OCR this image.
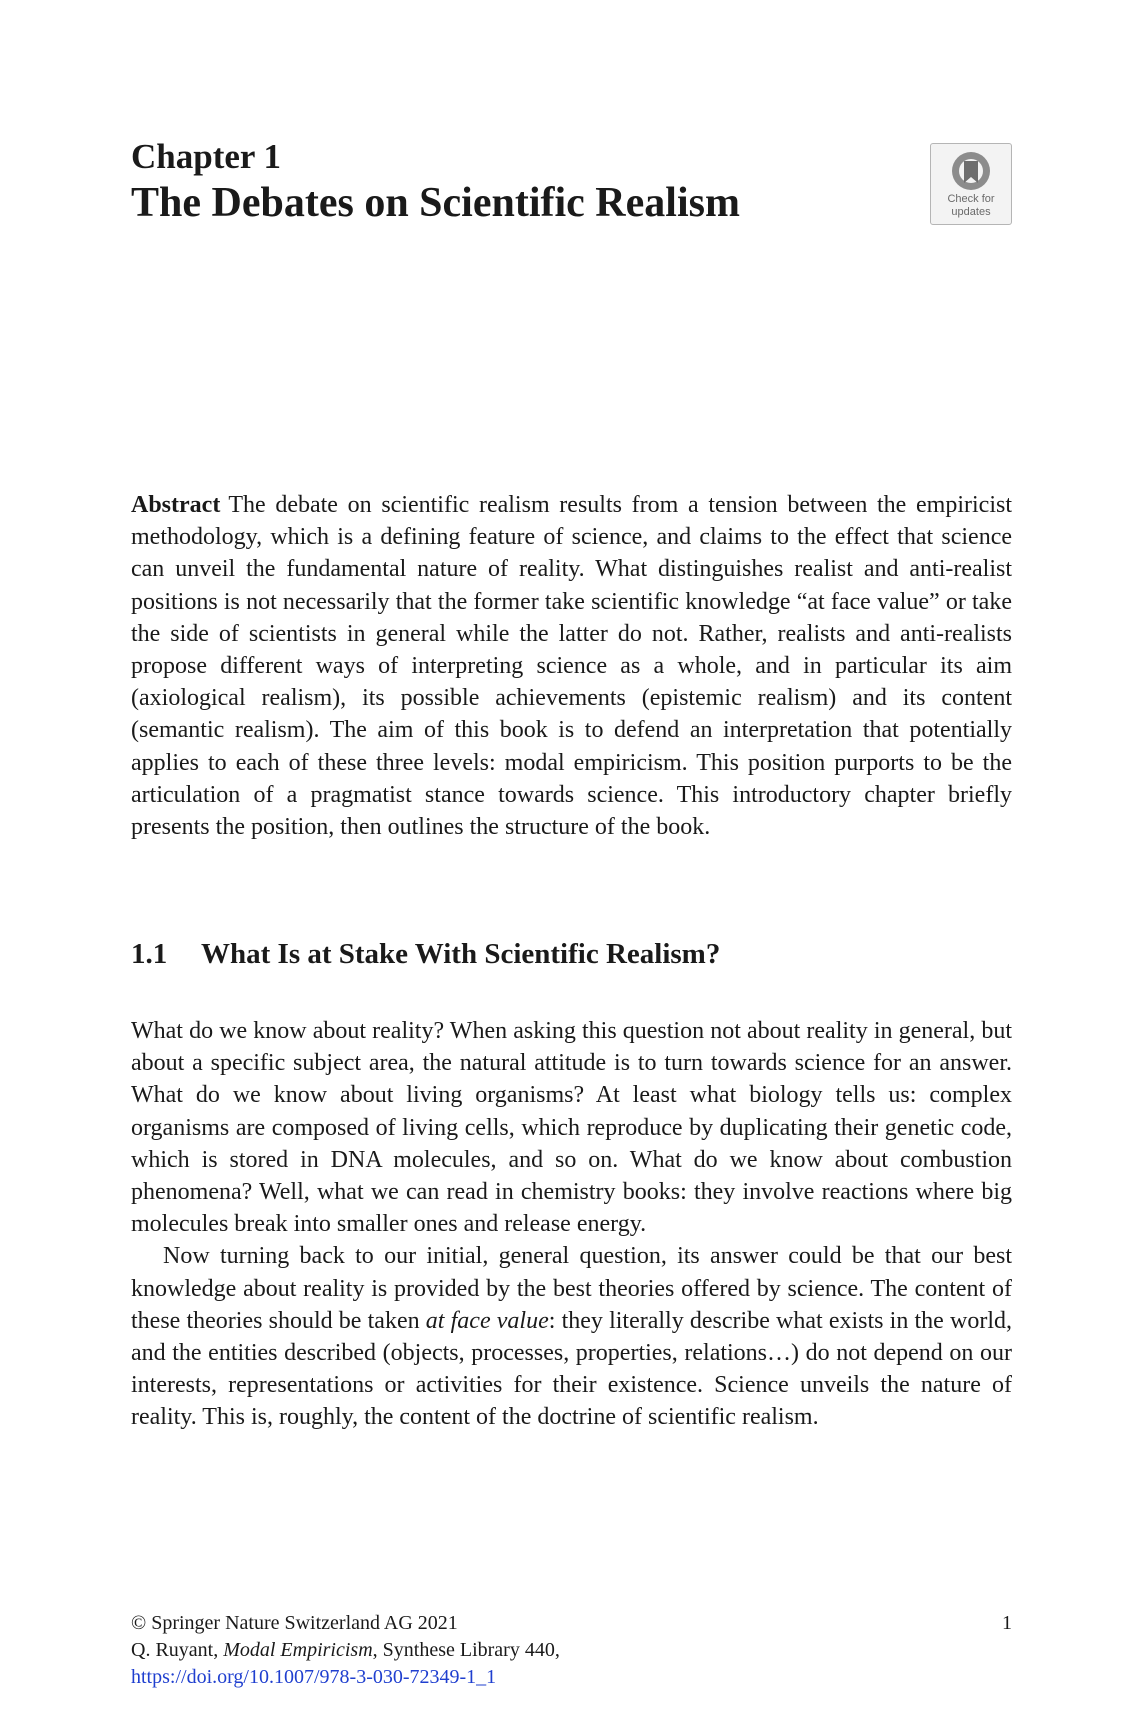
Chapter 1
The Debates on Scientific Realism	Check for
updates

Abstract The debate on scientific realism results from a tension between the empiricist methodology, which is a defining feature of science, and claims to the effect that science can unveil the fundamental nature of reality. What distinguishes realist and anti-realist positions is not necessarily that the former take scientific knowledge “at face value” or take the side of scientists in general while the latter do not. Rather, realists and anti-realists propose different ways of interpreting science as a whole, and in particular its aim (axiological realism), its possible achievements (epistemic realism) and its content (semantic realism). The aim of this book is to defend an interpretation that potentially applies to each of these three levels: modal empiricism. This position purports to be the articulation of a pragmatist stance towards science. This introductory chapter briefly presents the position, then outlines the structure of the book.

1.1 What Is at Stake With Scientific Realism?

What do we know about reality? When asking this question not about reality in general, but about a specific subject area, the natural attitude is to turn towards science for an answer. What do we know about living organisms? At least what biology tells us: complex organisms are composed of living cells, which reproduce by duplicating their genetic code, which is stored in DNA molecules, and so on. What do we know about combustion phenomena? Well, what we can read in chemistry books: they involve reactions where big molecules break into smaller ones and release energy.

Now turning back to our initial, general question, its answer could be that our best knowledge about reality is provided by the best theories offered by science. The content of these theories should be taken at face value: they literally describe what exists in the world, and the entities described (objects, processes, properties, relations…) do not depend on our interests, representations or activities for their existence. Science unveils the nature of reality. This is, roughly, the content of the doctrine of scientific realism.

© Springer Nature Switzerland AG 2021
Q. Ruyant, Modal Empiricism, Synthese Library 440,
https://doi.org/10.1007/978-3-030-72349-1_1
1
